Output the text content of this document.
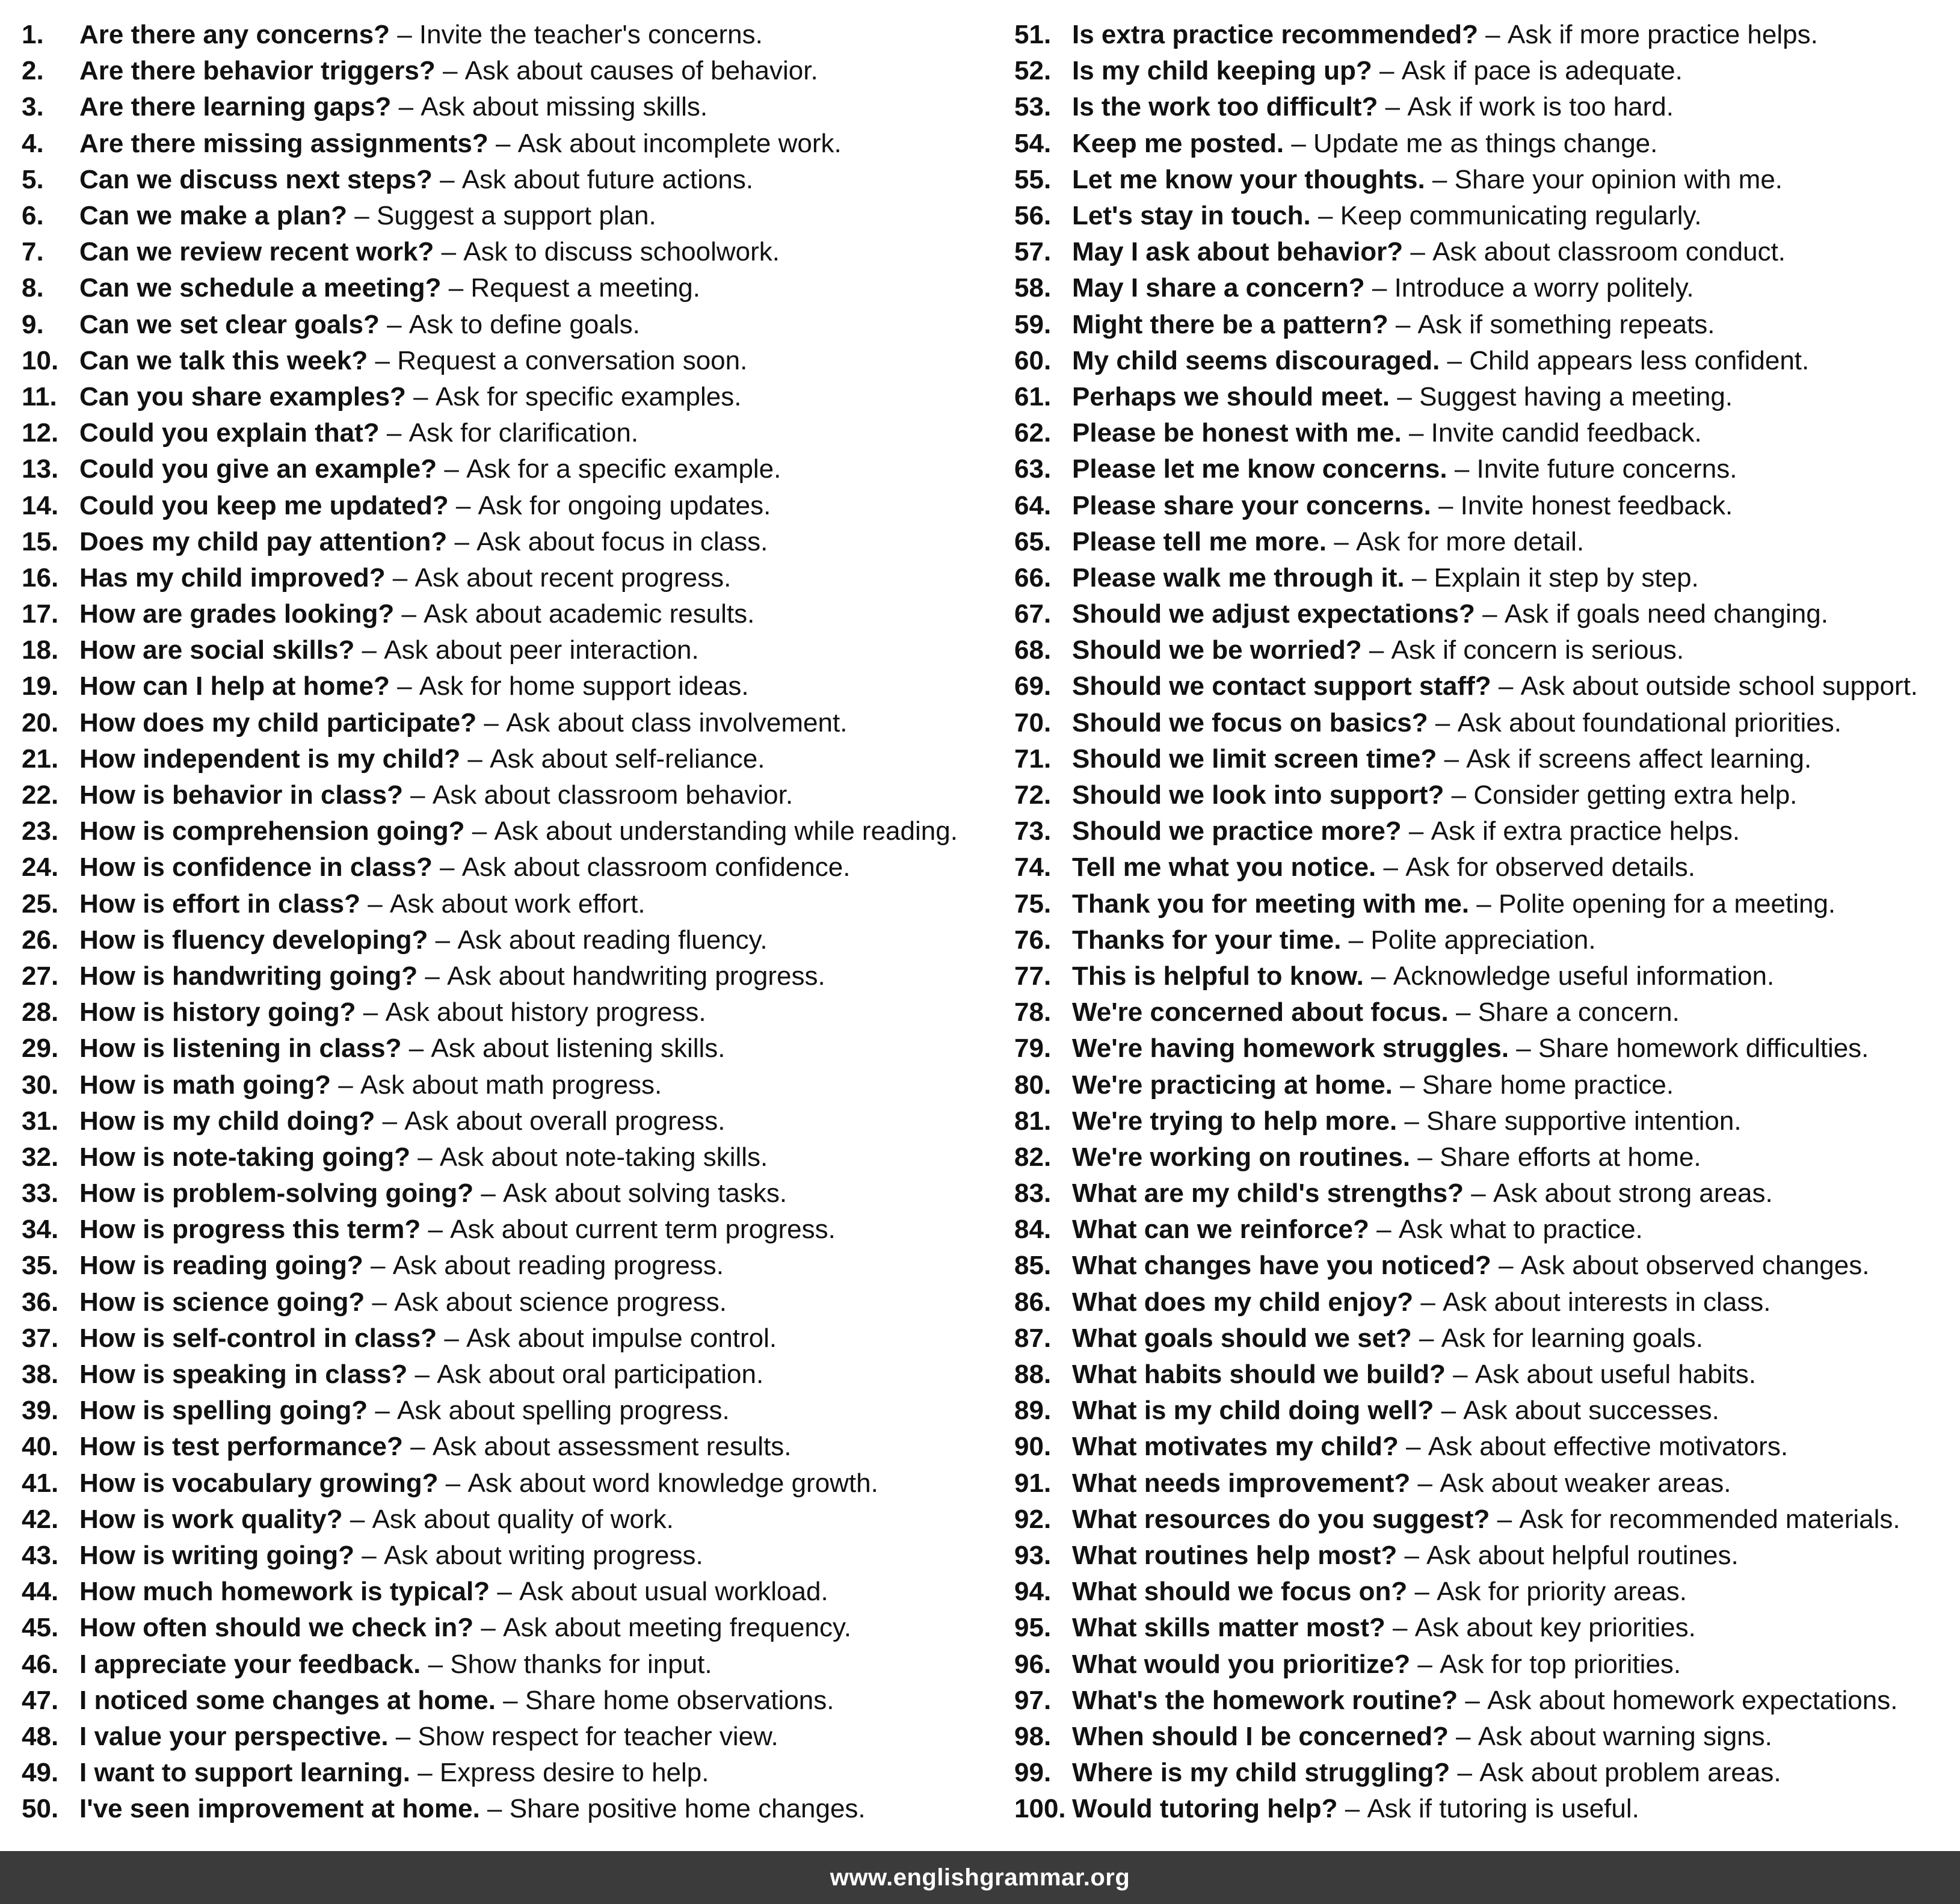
1.	Are there any concerns? – Invite the teacher's concerns.
2.	Are there behavior triggers? – Ask about causes of behavior.
3.	Are there learning gaps? – Ask about missing skills.
4.	Are there missing assignments? – Ask about incomplete work.
5.	Can we discuss next steps? – Ask about future actions.
6.	Can we make a plan? – Suggest a support plan.
7.	Can we review recent work? – Ask to discuss schoolwork.
8.	Can we schedule a meeting? – Request a meeting.
9.	Can we set clear goals? – Ask to define goals.
10. Can we talk this week? – Request a conversation soon.
11. Can you share examples? – Ask for specific examples.
12. Could you explain that? – Ask for clarification.
13. Could you give an example? – Ask for a specific example.
14. Could you keep me updated? – Ask for ongoing updates.
15. Does my child pay attention? – Ask about focus in class.
16. Has my child improved? – Ask about recent progress.
17. How are grades looking? – Ask about academic results.
18. How are social skills? – Ask about peer interaction.
19. How can I help at home? – Ask for home support ideas.
20. How does my child participate? – Ask about class involvement.
21. How independent is my child? – Ask about self-reliance.
22. How is behavior in class? – Ask about classroom behavior.
23. How is comprehension going? – Ask about understanding while reading.
24. How is confidence in class? – Ask about classroom confidence.
25. How is effort in class? – Ask about work effort.
26. How is fluency developing? – Ask about reading fluency.
27. How is handwriting going? – Ask about handwriting progress.
28. How is history going? – Ask about history progress.
29. How is listening in class? – Ask about listening skills.
30. How is math going? – Ask about math progress.
31. How is my child doing? – Ask about overall progress.
32. How is note-taking going? – Ask about note-taking skills.
33. How is problem-solving going? – Ask about solving tasks.
34. How is progress this term? – Ask about current term progress.
35. How is reading going? – Ask about reading progress.
36. How is science going? – Ask about science progress.
37. How is self-control in class? – Ask about impulse control.
38. How is speaking in class? – Ask about oral participation.
39. How is spelling going? – Ask about spelling progress.
40. How is test performance? – Ask about assessment results.
41. How is vocabulary growing? – Ask about word knowledge growth.
42. How is work quality? – Ask about quality of work.
43. How is writing going? – Ask about writing progress.
44. How much homework is typical? – Ask about usual workload.
45. How often should we check in? – Ask about meeting frequency.
46. I appreciate your feedback. – Show thanks for input.
47. I noticed some changes at home. – Share home observations.
48. I value your perspective. – Show respect for teacher view.
49. I want to support learning. – Express desire to help.
50. I've seen improvement at home. – Share positive home changes.
51. Is extra practice recommended? – Ask if more practice helps.
52. Is my child keeping up? – Ask if pace is adequate.
53. Is the work too difficult? – Ask if work is too hard.
54. Keep me posted. – Update me as things change.
55. Let me know your thoughts. – Share your opinion with me.
56. Let's stay in touch. – Keep communicating regularly.
57. May I ask about behavior? – Ask about classroom conduct.
58. May I share a concern? – Introduce a worry politely.
59. Might there be a pattern? – Ask if something repeats.
60. My child seems discouraged. – Child appears less confident.
61. Perhaps we should meet. – Suggest having a meeting.
62. Please be honest with me. – Invite candid feedback.
63. Please let me know concerns. – Invite future concerns.
64. Please share your concerns. – Invite honest feedback.
65. Please tell me more. – Ask for more detail.
66. Please walk me through it. – Explain it step by step.
67. Should we adjust expectations? – Ask if goals need changing.
68. Should we be worried? – Ask if concern is serious.
69. Should we contact support staff? – Ask about outside school support.
70. Should we focus on basics? – Ask about foundational priorities.
71. Should we limit screen time? – Ask if screens affect learning.
72. Should we look into support? – Consider getting extra help.
73. Should we practice more? – Ask if extra practice helps.
74. Tell me what you notice. – Ask for observed details.
75. Thank you for meeting with me. – Polite opening for a meeting.
76. Thanks for your time. – Polite appreciation.
77. This is helpful to know. – Acknowledge useful information.
78. We're concerned about focus. – Share a concern.
79. We're having homework struggles. – Share homework difficulties.
80. We're practicing at home. – Share home practice.
81. We're trying to help more. – Share supportive intention.
82. We're working on routines. – Share efforts at home.
83. What are my child's strengths? – Ask about strong areas.
84. What can we reinforce? – Ask what to practice.
85. What changes have you noticed? – Ask about observed changes.
86. What does my child enjoy? – Ask about interests in class.
87. What goals should we set? – Ask for learning goals.
88. What habits should we build? – Ask about useful habits.
89. What is my child doing well? – Ask about successes.
90. What motivates my child? – Ask about effective motivators.
91. What needs improvement? – Ask about weaker areas.
92. What resources do you suggest? – Ask for recommended materials.
93. What routines help most? – Ask about helpful routines.
94. What should we focus on? – Ask for priority areas.
95. What skills matter most? – Ask about key priorities.
96. What would you prioritize? – Ask for top priorities.
97. What's the homework routine? – Ask about homework expectations.
98. When should I be concerned? – Ask about warning signs.
99. Where is my child struggling? – Ask about problem areas.
100. Would tutoring help? – Ask if tutoring is useful.
www.englishgrammar.org
